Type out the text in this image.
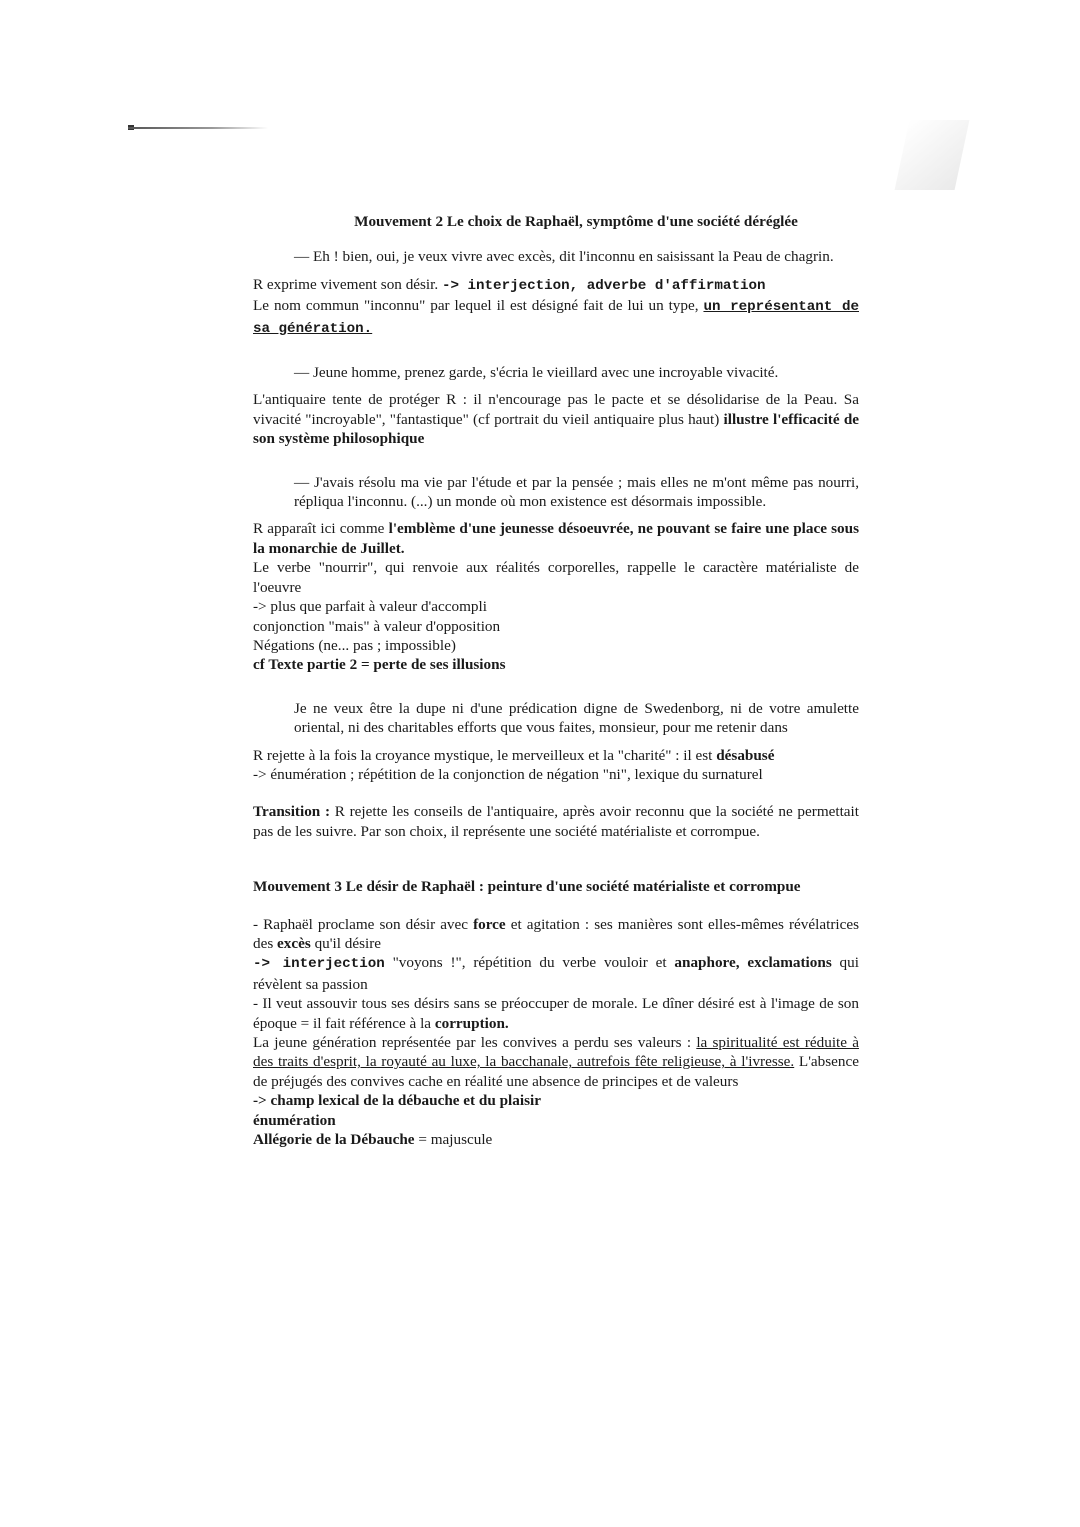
Mouvement 2 Le choix de Raphaël, symptôme d'une société déréglée
— Eh ! bien, oui, je veux vivre avec excès, dit l'inconnu en saisissant la Peau de chagrin.
R exprime vivement son désir. -> interjection, adverbe d'affirmation
Le nom commun "inconnu" par lequel il est désigné fait de lui un type, un représentant de sa génération.
— Jeune homme, prenez garde, s'écria le vieillard avec une incroyable vivacité.
L'antiquaire tente de protéger R : il n'encourage pas le pacte et se désolidarise de la Peau. Sa vivacité "incroyable", "fantastique" (cf portrait du vieil antiquaire plus haut) illustre l'efficacité de son système philosophique
— J'avais résolu ma vie par l'étude et par la pensée ; mais elles ne m'ont même pas nourri, répliqua l'inconnu. (...) un monde où mon existence est désormais impossible.
R apparaît ici comme l'emblème d'une jeunesse désoeuvrée, ne pouvant se faire une place sous la monarchie de Juillet.
Le verbe "nourrir", qui renvoie aux réalités corporelles, rappelle le caractère matérialiste de l'oeuvre
-> plus que parfait à valeur d'accompli
conjonction "mais" à valeur d'opposition
Négations (ne... pas ; impossible)
cf Texte partie 2 = perte de ses illusions
Je ne veux être la dupe ni d'une prédication digne de Swedenborg, ni de votre amulette oriental, ni des charitables efforts que vous faites, monsieur, pour me retenir dans
R rejette à la fois la croyance mystique, le merveilleux et la "charité" : il est désabusé
-> énumération ; répétition de la conjonction de négation "ni", lexique du surnaturel
Transition : R rejette les conseils de l'antiquaire, après avoir reconnu que la société ne permettait pas de les suivre. Par son choix, il représente une société matérialiste et corrompue.
Mouvement 3 Le désir de Raphaël : peinture d'une société matérialiste et corrompue
- Raphaël proclame son désir avec force et agitation : ses manières sont elles-mêmes révélatrices des excès qu'il désire
-> interjection "voyons !", répétition du verbe vouloir et anaphore, exclamations qui révèlent sa passion
- Il veut assouvir tous ses désirs sans se préoccuper de morale. Le dîner désiré est à l'image de son époque = il fait référence à la corruption.
La jeune génération représentée par les convives a perdu ses valeurs : la spiritualité est réduite à des traits d'esprit, la royauté au luxe, la bacchanale, autrefois fête religieuse, à l'ivresse. L'absence de préjugés des convives cache en réalité une absence de principes et de valeurs
-> champ lexical de la débauche et du plaisir
énumération
Allégorie de la Débauche = majuscule
